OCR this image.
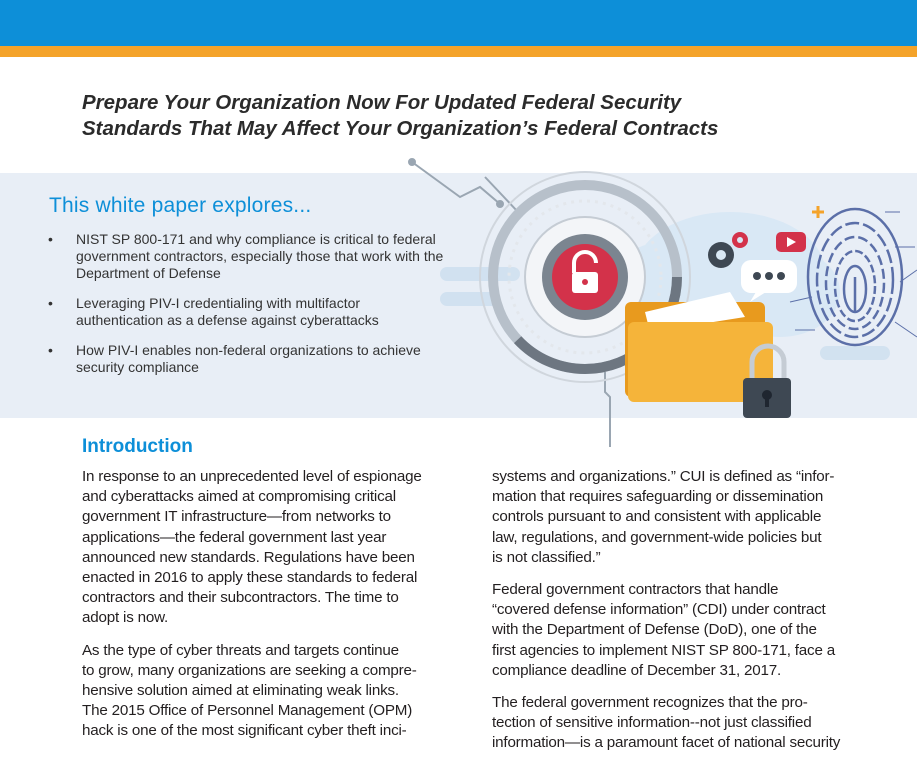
Prepare Your Organization Now For Updated Federal Security
Standards That May Affect Your Organization’s Federal Contracts
This white paper explores...
• NIST SP 800-171 and why compliance is critical to federal government contractors, especially those that work with the Department of Defense
• Leveraging PIV-I credentialing with multifactor authentication as a defense against cyberattacks
• How PIV-I enables non-federal organizations to achieve security compliance
Introduction

In response to an unprecedented level of espionage
and cyberattacks aimed at compromising critical
government IT infrastructure—from networks to
applications—the federal government last year
announced new standards. Regulations have been
enacted in 2016 to apply these standards to federal
contractors and their subcontractors. The time to
adopt is now.

As the type of cyber threats and targets continue
to grow, many organizations are seeking a compre-
hensive solution aimed at eliminating weak links.
The 2015 Office of Personnel Management (OPM)
hack is one of the most significant cyber theft inci-

systems and organizations.” CUI is defined as “infor-
mation that requires safeguarding or dissemination
controls pursuant to and consistent with applicable
law, regulations, and government-wide policies but
is not classified.”

Federal government contractors that handle
“covered defense information” (CDI) under contract
with the Department of Defense (DoD), one of the
first agencies to implement NIST SP 800-171, face a
compliance deadline of December 31, 2017.

The federal government recognizes that the pro-
tection of sensitive information--not just classified
information—is a paramount facet of national security
